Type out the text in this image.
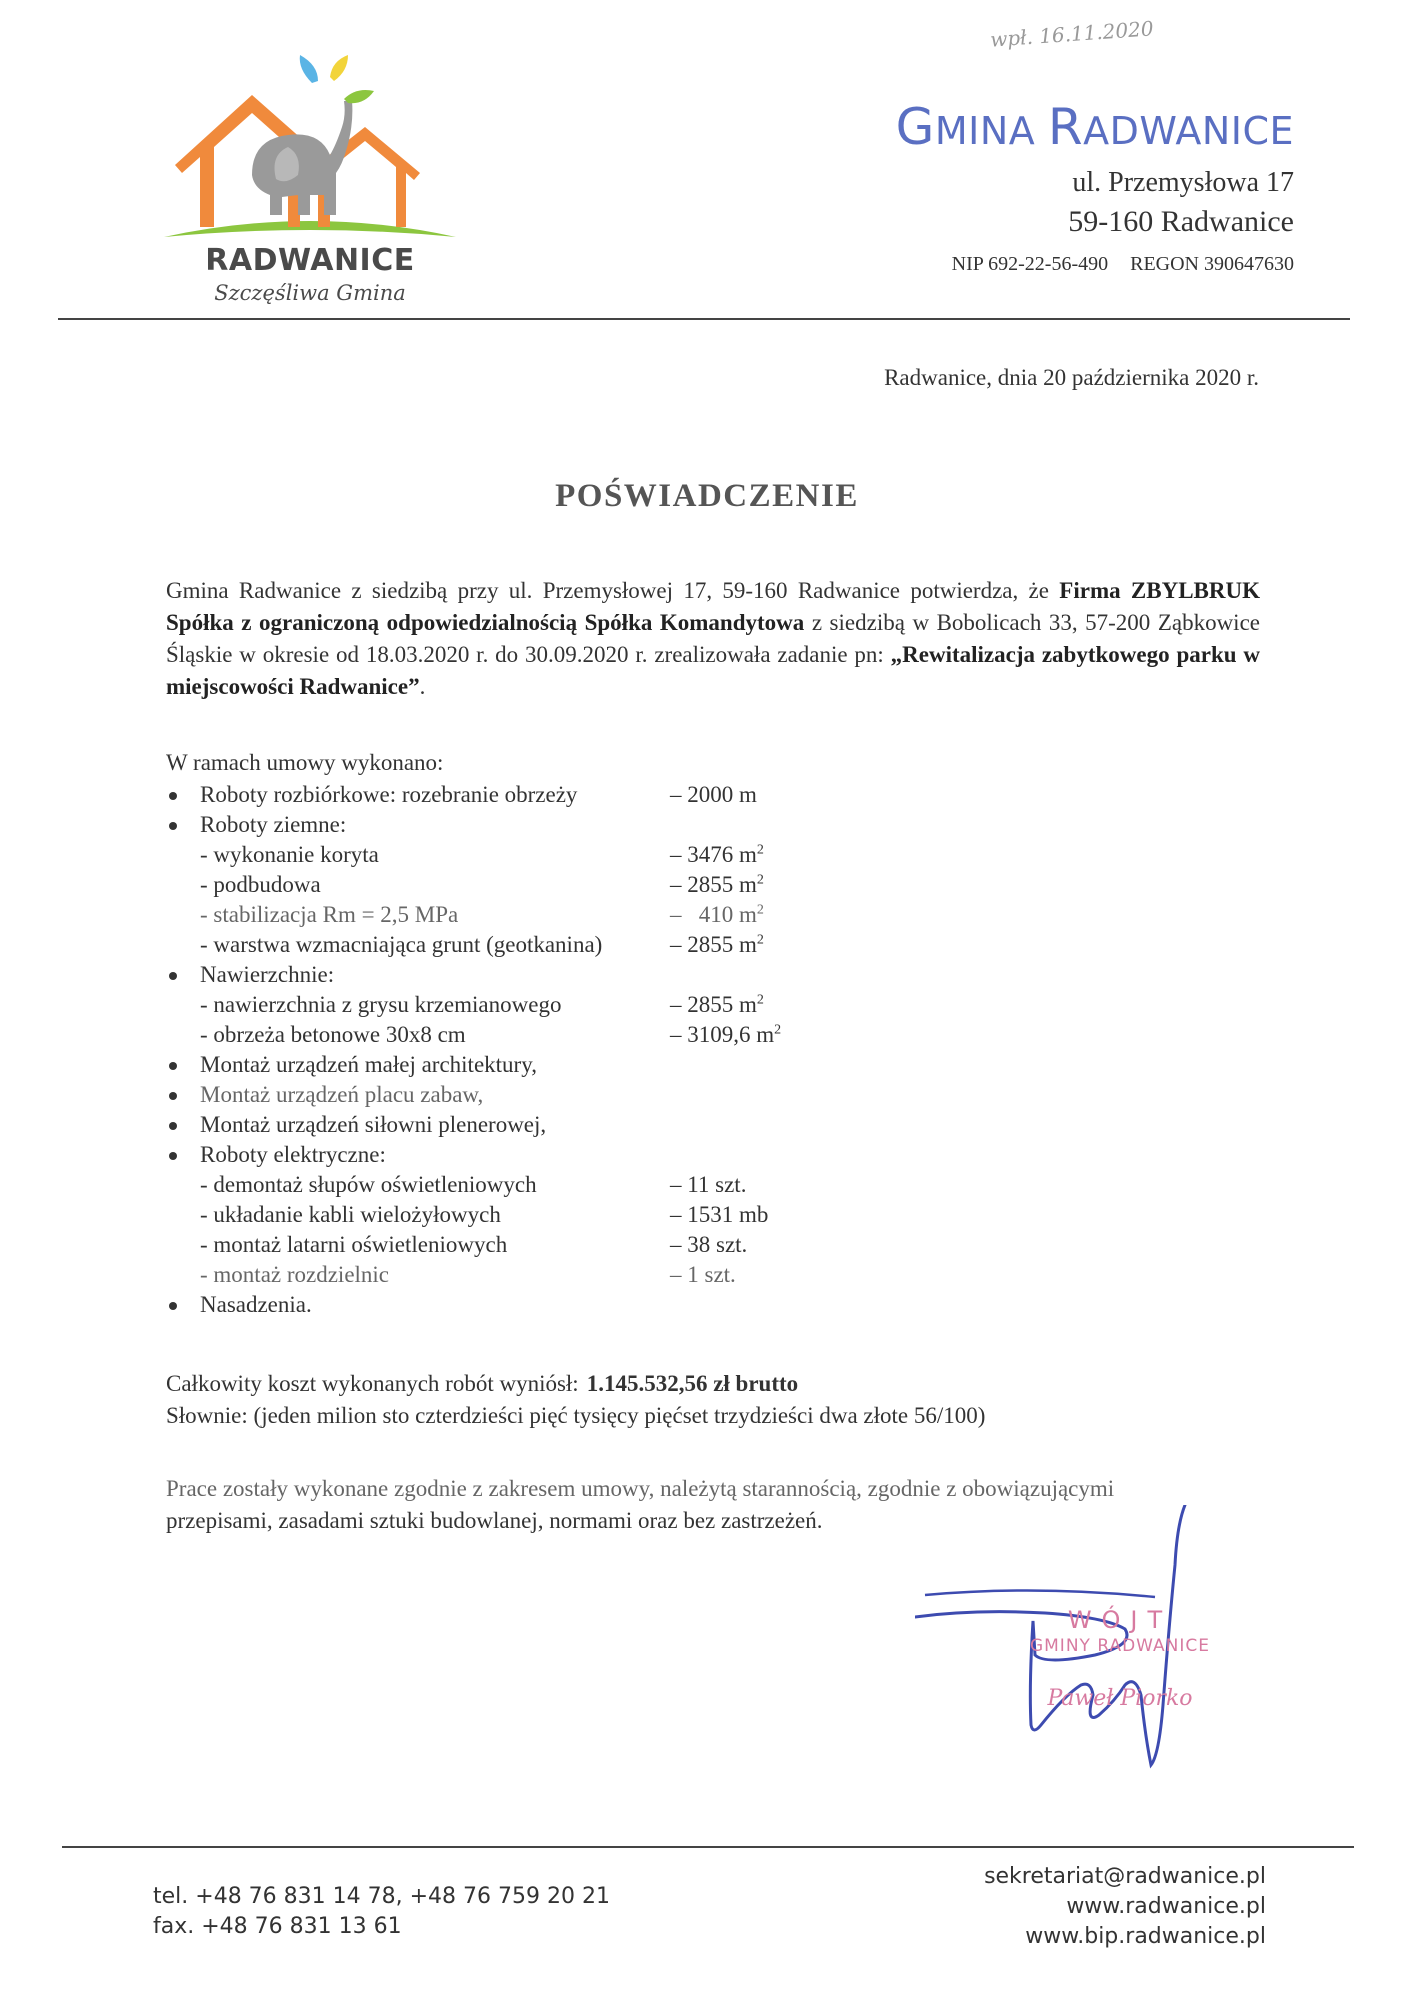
RADWANICE
Szczęśliwa Gmina
wpł. 16.11.2020
GMINA RADWANICE
ul. Przemysłowa 17
59-160 Radwanice
NIP 692-22-56-490 REGON 390647630
Radwanice, dnia 20 października 2020 r.
POŚWIADCZENIE
Gmina Radwanice z siedzibą przy ul. Przemysłowej 17, 59-160 Radwanice potwierdza, że Firma ZBYLBRUK Spółka z ograniczoną odpowiedzialnością Spółka Komandytowa z siedzibą w Bobolicach 33, 57-200 Ząbkowice Śląskie w okresie od 18.03.2020 r. do 30.09.2020 r. zrealizowała zadanie pn: „Rewitalizacja zabytkowego parku w miejscowości Radwanice”.
W ramach umowy wykonano:
Roboty rozbiórkowe: rozebranie obrzeży	– 2000 m
Roboty ziemne:
- wykonanie koryta	– 3476 $m^2$
- podbudowa	– 2855 $m^2$
- stabilizacja Rm = 2,5 MPa	–   410 $m^2$
- warstwa wzmacniająca grunt (geotkanina)	– 2855 $m^2$
Nawierzchnie:
- nawierzchnia z grysu krzemianowego	– 2855 $m^2$
- obrzeża betonowe 30x8 cm	– 3109,6 $m^2$
Montaż urządzeń małej architektury,
Montaż urządzeń placu zabaw,
Montaż urządzeń siłowni plenerowej,
Roboty elektryczne:
- demontaż słupów oświetleniowych	– 11 szt.
- układanie kabli wielożyłowych	– 1531 mb
- montaż latarni oświetleniowych	– 38 szt.
- montaż rozdzielnic	– 1 szt.
Nasadzenia.
Całkowity koszt wykonanych robót wyniósł: 1.145.532,56 zł brutto
Słownie: (jeden milion sto czterdzieści pięć tysięcy pięćset trzydzieści dwa złote 56/100)
Prace zostały wykonane zgodnie z zakresem umowy, należytą starannością, zgodnie z obowiązującymi
przepisami, zasadami sztuki budowlanej, normami oraz bez zastrzeżeń.
WÓJT
GMINY RADWANICE
Paweł Piorko
tel. +48 76 831 14 78, +48 76 759 20 21
fax. +48 76 831 13 61
sekretariat@radwanice.pl
www.radwanice.pl
www.bip.radwanice.pl
